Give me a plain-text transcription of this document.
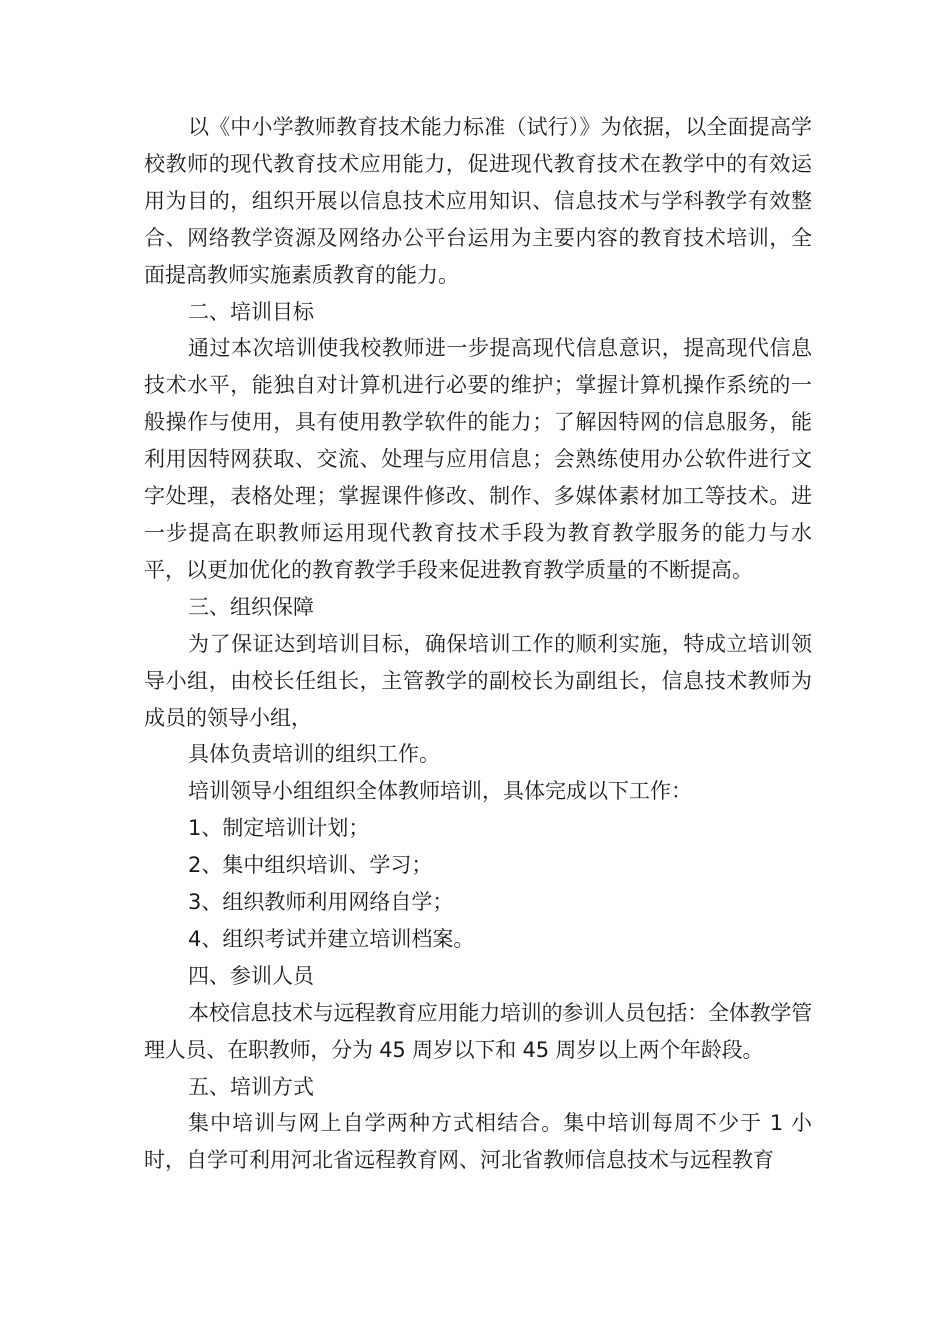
以《中小学教师教育技术能力标准（试行）》为依据，以全面提高学校教师的现代教育技术应用能力，促进现代教育技术在教学中的有效运用为目的，组织开展以信息技术应用知识、信息技术与学科教学有效整合、网络教学资源及网络办公平台运用为主要内容的教育技术培训，全面提高教师实施素质教育的能力。

二、培训目标

通过本次培训使我校教师进一步提高现代信息意识，提高现代信息技术水平，能独自对计算机进行必要的维护；掌握计算机操作系统的一般操作与使用，具有使用教学软件的能力；了解因特网的信息服务，能利用因特网获取、交流、处理与应用信息；会熟练使用办公软件进行文字处理，表格处理；掌握课件修改、制作、多媒体素材加工等技术。进一步提高在职教师运用现代教育技术手段为教育教学服务的能力与水平，以更加优化的教育教学手段来促进教育教学质量的不断提高。

三、组织保障

为了保证达到培训目标，确保培训工作的顺利实施，特成立培训领导小组，由校长任组长，主管教学的副校长为副组长，信息技术教师为成员的领导小组，

具体负责培训的组织工作。

培训领导小组组织全体教师培训，具体完成以下工作：

1、制定培训计划；

2、集中组织培训、学习；

3、组织教师利用网络自学；

4、组织考试并建立培训档案。

四、参训人员

本校信息技术与远程教育应用能力培训的参训人员包括：全体教学管理人员、在职教师，分为 45 周岁以下和 45 周岁以上两个年龄段。

五、培训方式

集中培训与网上自学两种方式相结合。集中培训每周不少于 1 小时，自学可利用河北省远程教育网、河北省教师信息技术与远程教育
